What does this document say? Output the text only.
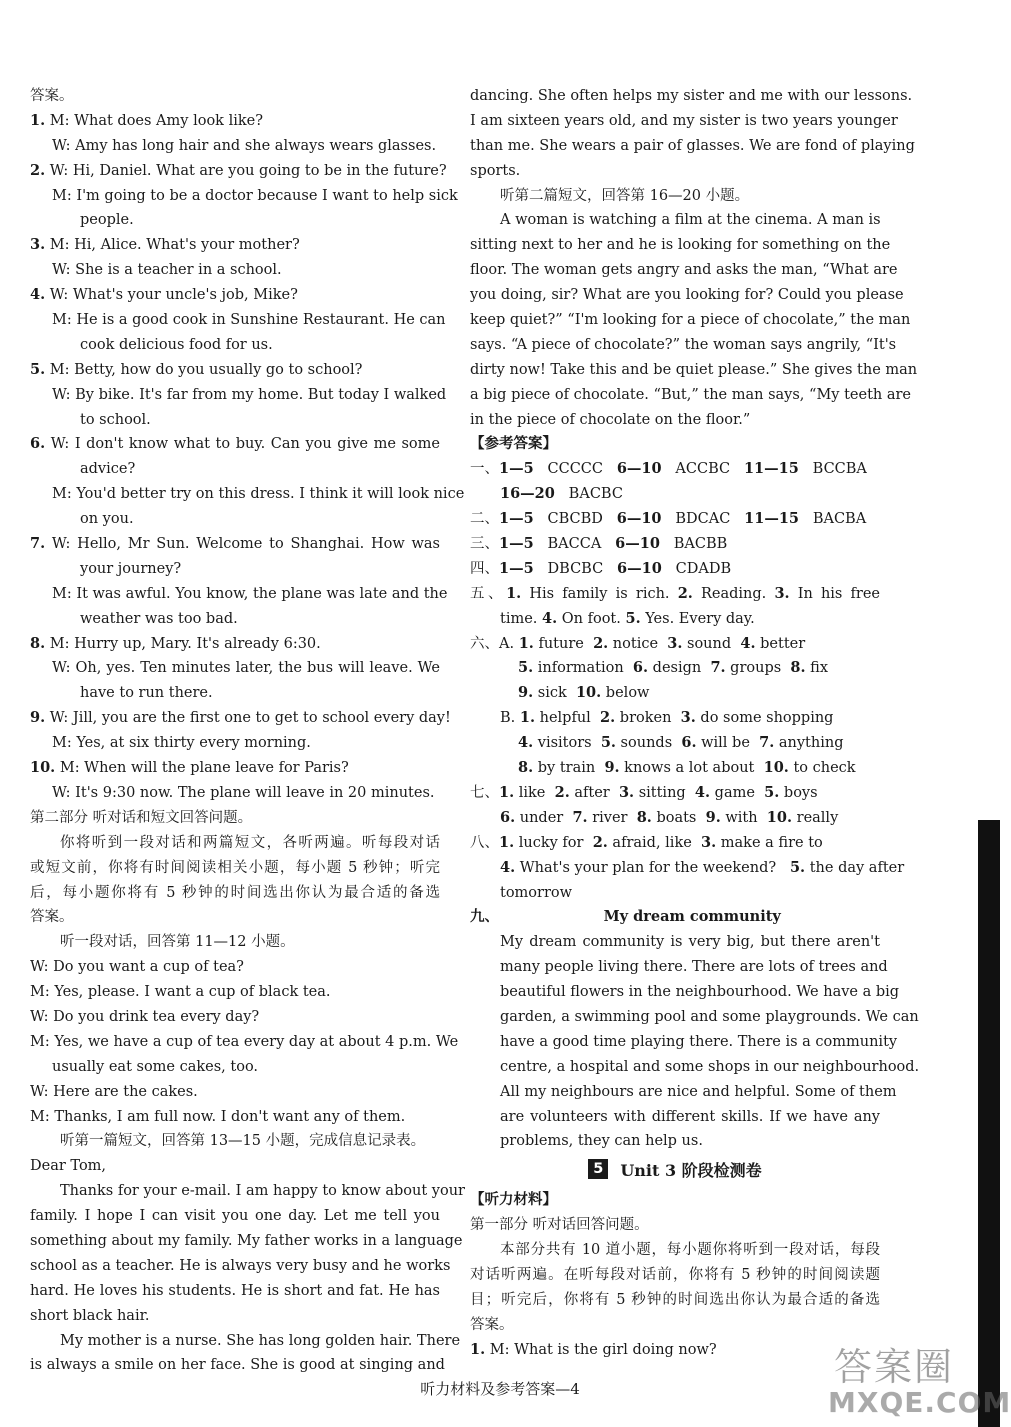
答案。
1. M: What does Amy look like?
W: Amy has long hair and she always wears glasses.
2. W: Hi, Daniel. What are you going to be in the future?
M: I'm going to be a doctor because I want to help sick
people.
3. M: Hi, Alice. What's your mother?
W: She is a teacher in a school.
4. W: What's your uncle's job, Mike?
M: He is a good cook in Sunshine Restaurant. He can
cook delicious food for us.
5. M: Betty, how do you usually go to school?
W: By bike. It's far from my home. But today I walked
to school.
6. W: I don't know what to buy. Can you give me some
advice?
M: You'd better try on this dress. I think it will look nice
on you.
7. W: Hello, Mr Sun. Welcome to Shanghai. How was
your journey?
M: It was awful. You know, the plane was late and the
weather was too bad.
8. M: Hurry up, Mary. It's already 6:30.
W: Oh, yes. Ten minutes later, the bus will leave. We
have to run there.
9. W: Jill, you are the first one to get to school every day!
M: Yes, at six thirty every morning.
10. M: When will the plane leave for Paris?
W: It's 9:30 now. The plane will leave in 20 minutes.
第二部分 听对话和短文回答问题。
你将听到一段对话和两篇短文，各听两遍。听每段对话
或短文前，你将有时间阅读相关小题，每小题 5 秒钟；听完
后，每小题你将有 5 秒钟的时间选出你认为最合适的备选
答案。
听一段对话，回答第 11—12 小题。
W: Do you want a cup of tea?
M: Yes, please. I want a cup of black tea.
W: Do you drink tea every day?
M: Yes, we have a cup of tea every day at about 4 p.m. We
usually eat some cakes, too.
W: Here are the cakes.
M: Thanks, I am full now. I don't want any of them.
听第一篇短文，回答第 13—15 小题，完成信息记录表。
Dear Tom,
Thanks for your e-mail. I am happy to know about your
family. I hope I can visit you one day. Let me tell you
something about my family. My father works in a language
school as a teacher. He is always very busy and he works
hard. He loves his students. He is short and fat. He has
short black hair.
My mother is a nurse. She has long golden hair. There
is always a smile on her face. She is good at singing and
dancing. She often helps my sister and me with our lessons.
I am sixteen years old, and my sister is two years younger
than me. She wears a pair of glasses. We are fond of playing
sports.
听第二篇短文，回答第 16—20 小题。
A woman is watching a film at the cinema. A man is
sitting next to her and he is looking for something on the
floor. The woman gets angry and asks the man, “What are
you doing, sir? What are you looking for? Could you please
keep quiet?” “I'm looking for a piece of chocolate,” the man
says. “A piece of chocolate?” the woman says angrily, “It's
dirty now! Take this and be quiet please.” She gives the man
a big piece of chocolate. “But,” the man says, “My teeth are
in the piece of chocolate on the floor.”
【参考答案】
一、1—5   CCCCC   6—10   ACCBC   11—15   BCCBA
16—20   BACBC
二、1—5   CBCBD   6—10   BDCAC   11—15   BACBA
三、1—5   BACCA   6—10   BACBB
四、1—5   DBCBC   6—10   CDADB
五、1. His family is rich. 2. Reading. 3. In his free
time. 4. On foot. 5. Yes. Every day.
六、A. 1. future  2. notice  3. sound  4. better
5. information  6. design  7. groups  8. fix
9. sick  10. below
B. 1. helpful  2. broken  3. do some shopping
4. visitors  5. sounds  6. will be  7. anything
8. by train  9. knows a lot about  10. to check
七、1. like  2. after  3. sitting  4. game  5. boys
6. under  7. river  8. boats  9. with  10. really
八、1. lucky for  2. afraid, like  3. make a fire to
4. What's your plan for the weekend?   5. the day after
tomorrow
九、	My dream community
My dream community is very big, but there aren't
many people living there. There are lots of trees and
beautiful flowers in the neighbourhood. We have a big
garden, a swimming pool and some playgrounds. We can
have a good time playing there. There is a community
centre, a hospital and some shops in our neighbourhood.
All my neighbours are nice and helpful. Some of them
are volunteers with different skills. If we have any
problems, they can help us.
5	Unit 3 阶段检测卷
【听力材料】
第一部分 听对话回答问题。
本部分共有 10 道小题，每小题你将听到一段对话，每段
对话听两遍。在听每段对话前，你将有 5 秒钟的时间阅读题
目；听完后，你将有 5 秒钟的时间选出你认为最合适的备选
答案。
1. M: What is the girl doing now?
听力材料及参考答案—4	答案圈
MXQE.COM
